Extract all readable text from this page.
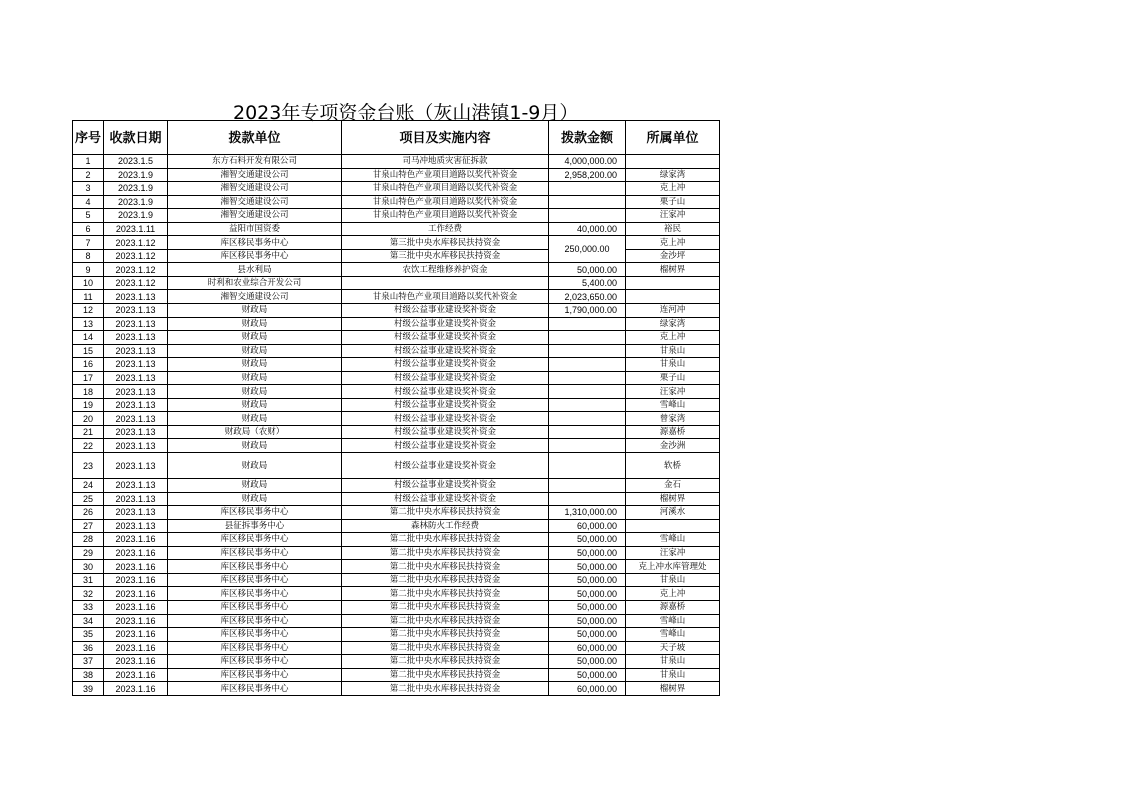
2023年专项资金台账（灰山港镇1-9月）
序号	收款日期	拨款单位	项目及实施内容	拨款金额	所属单位
1	2023.1.5	东方石料开发有限公司	司马冲地质灾害征拆款	4,000,000.00	
2	2023.1.9	湘智交通建设公司	甘泉山特色产业项目道路以奖代补资金	2,958,200.00	绿家湾
3	2023.1.9	湘智交通建设公司	甘泉山特色产业项目道路以奖代补资金		克上冲
4	2023.1.9	湘智交通建设公司	甘泉山特色产业项目道路以奖代补资金		栗子山
5	2023.1.9	湘智交通建设公司	甘泉山特色产业项目道路以奖代补资金		汪家冲
6	2023.1.11	益阳市国资委	工作经费	40,000.00	裕民
7	2023.1.12	库区移民事务中心	第三批中央水库移民扶持资金	250,000.00	克上冲
8	2023.1.12	库区移民事务中心	第三批中央水库移民扶持资金		金沙坪
9	2023.1.12	县水利局	农饮工程维修养护资金	50,000.00	榴树界
10	2023.1.12	时利和农业综合开发公司		5,400.00	
11	2023.1.13	湘智交通建设公司	甘泉山特色产业项目道路以奖代补资金	2,023,650.00	
12	2023.1.13	财政局	村级公益事业建设奖补资金	1,790,000.00	连河冲
13	2023.1.13	财政局	村级公益事业建设奖补资金		绿家湾
14	2023.1.13	财政局	村级公益事业建设奖补资金		克上冲
15	2023.1.13	财政局	村级公益事业建设奖补资金		甘泉山
16	2023.1.13	财政局	村级公益事业建设奖补资金		甘泉山
17	2023.1.13	财政局	村级公益事业建设奖补资金		栗子山
18	2023.1.13	财政局	村级公益事业建设奖补资金		汪家冲
19	2023.1.13	财政局	村级公益事业建设奖补资金		雪峰山
20	2023.1.13	财政局	村级公益事业建设奖补资金		曾家湾
21	2023.1.13	财政局（农财）	村级公益事业建设奖补资金		源嘉桥
22	2023.1.13	财政局	村级公益事业建设奖补资金		金沙洲
23	2023.1.13	财政局	村级公益事业建设奖补资金		软桥
24	2023.1.13	财政局	村级公益事业建设奖补资金		金石
25	2023.1.13	财政局	村级公益事业建设奖补资金		榴树界
26	2023.1.13	库区移民事务中心	第二批中央水库移民扶持资金	1,310,000.00	河溪水
27	2023.1.13	县征拆事务中心	森林防火工作经费	60,000.00	
28	2023.1.16	库区移民事务中心	第二批中央水库移民扶持资金	50,000.00	雪峰山
29	2023.1.16	库区移民事务中心	第二批中央水库移民扶持资金	50,000.00	汪家冲
30	2023.1.16	库区移民事务中心	第二批中央水库移民扶持资金	50,000.00	克上冲水库管理处
31	2023.1.16	库区移民事务中心	第二批中央水库移民扶持资金	50,000.00	甘泉山
32	2023.1.16	库区移民事务中心	第二批中央水库移民扶持资金	50,000.00	克上冲
33	2023.1.16	库区移民事务中心	第二批中央水库移民扶持资金	50,000.00	源嘉桥
34	2023.1.16	库区移民事务中心	第二批中央水库移民扶持资金	50,000.00	雪峰山
35	2023.1.16	库区移民事务中心	第二批中央水库移民扶持资金	50,000.00	雪峰山
36	2023.1.16	库区移民事务中心	第二批中央水库移民扶持资金	60,000.00	天子坡
37	2023.1.16	库区移民事务中心	第二批中央水库移民扶持资金	50,000.00	甘泉山
38	2023.1.16	库区移民事务中心	第二批中央水库移民扶持资金	50,000.00	甘泉山
39	2023.1.16	库区移民事务中心	第二批中央水库移民扶持资金	60,000.00	榴树界
